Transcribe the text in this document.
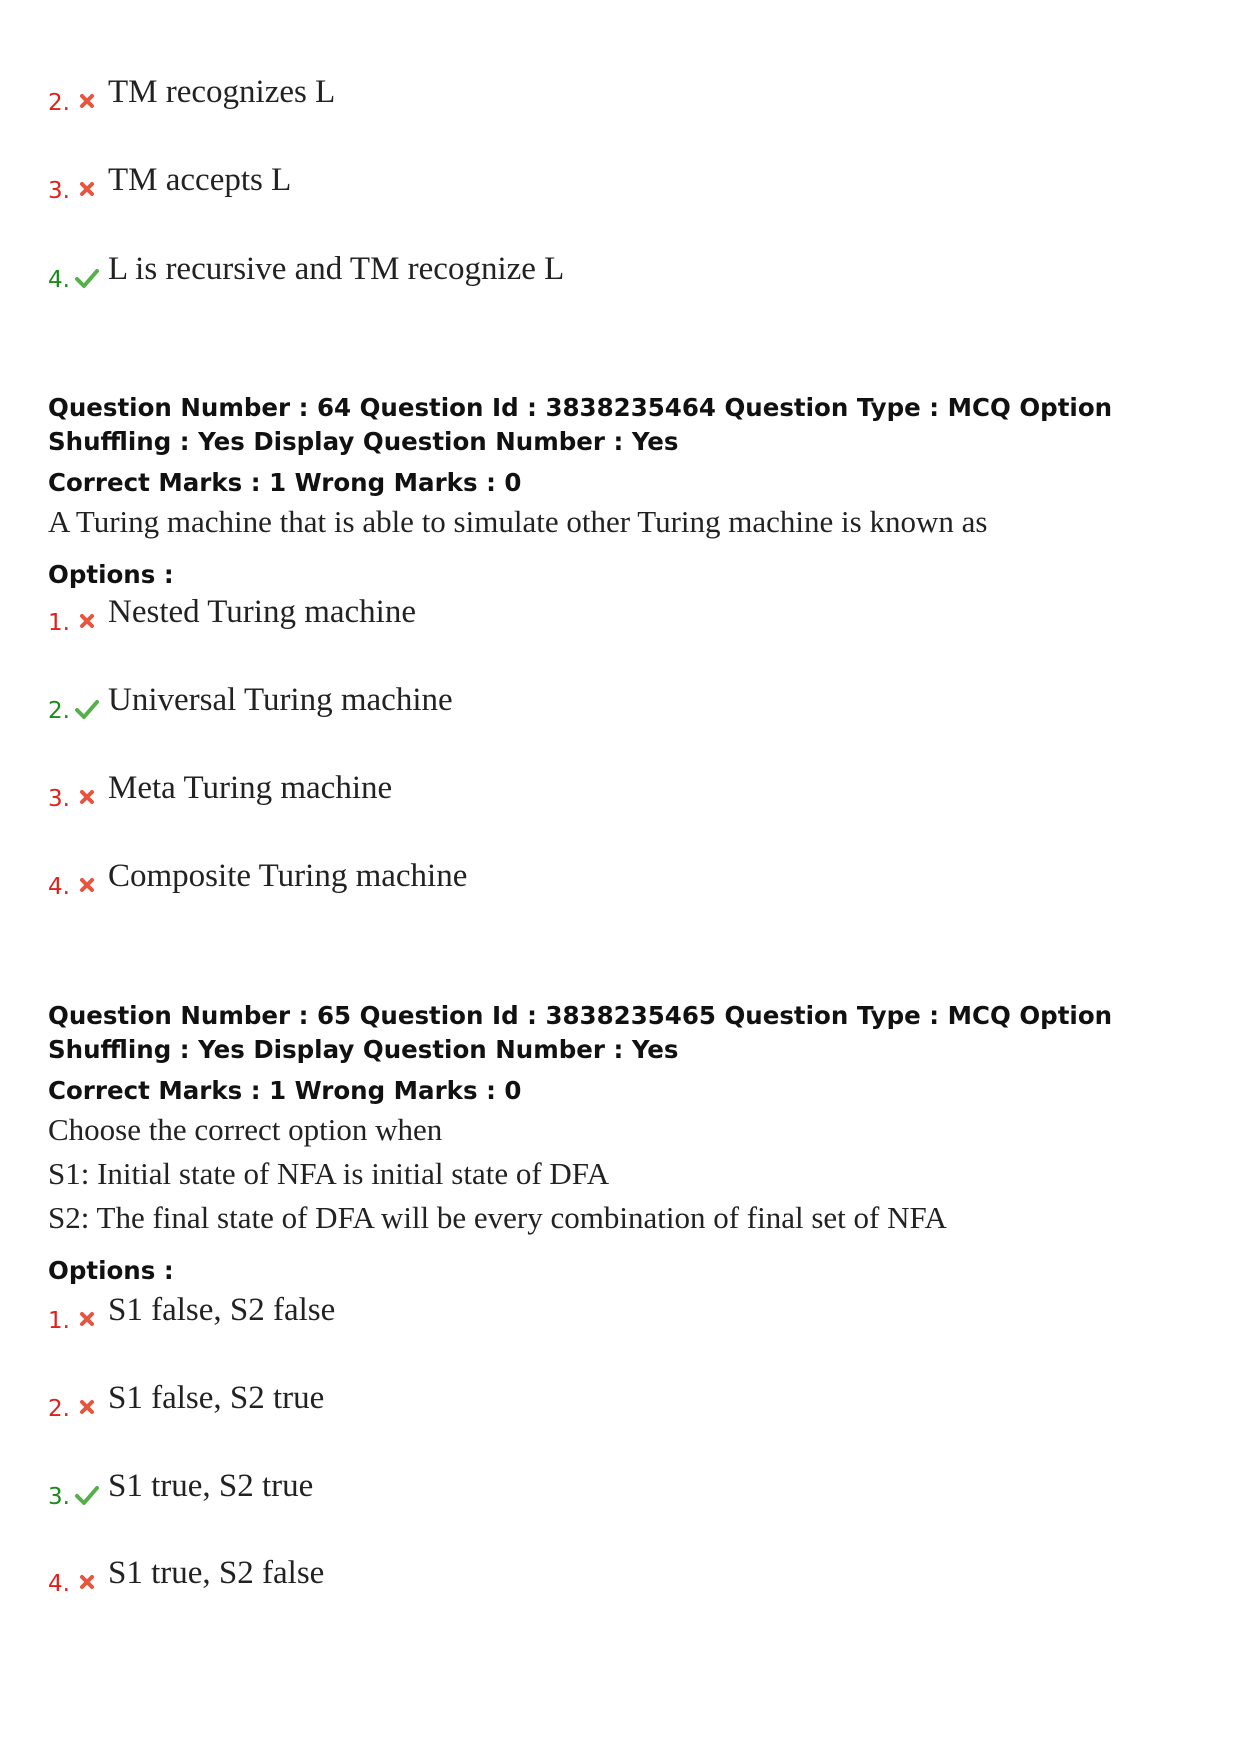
2. TM recognizes L
3. TM accepts L
4. L is recursive and TM recognize L
Question Number : 64 Question Id : 3838235464 Question Type : MCQ Option Shuffling : Yes Display Question Number : Yes
Correct Marks : 1 Wrong Marks : 0
A Turing machine that is able to simulate other Turing machine is known as
Options :
1. Nested Turing machine
2. Universal Turing machine
3. Meta Turing machine
4. Composite Turing machine
Question Number : 65 Question Id : 3838235465 Question Type : MCQ Option Shuffling : Yes Display Question Number : Yes
Correct Marks : 1 Wrong Marks : 0
Choose the correct option when
S1: Initial state of NFA is initial state of DFA
S2: The final state of DFA will be every combination of final set of NFA
Options :
1. S1 false, S2 false
2. S1 false, S2 true
3. S1 true, S2 true
4. S1 true, S2 false
